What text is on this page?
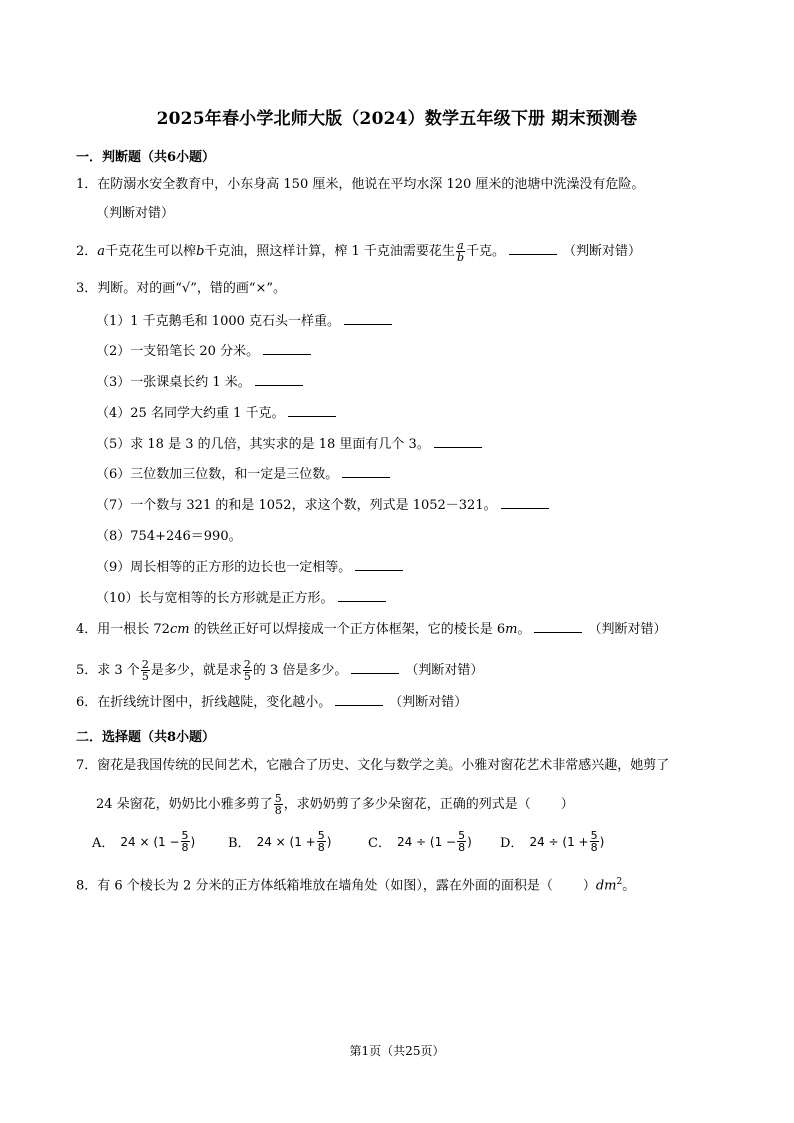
2025年春小学北师大版（2024）数学五年级下册 期末预测卷
一．判断题（共6小题）
1．在防溺水安全教育中，小东身高 150 厘米，他说在平均水深 120 厘米的池塘中洗澡没有危险。
（判断对错）
2．a千克花生可以榨b千克油，照这样计算，榨 1 千克油需要花生 $\frac{a}{b}$ 千克。	（判断对错）
3．判断。对的画“√”，错的画“×”。
（1）1 千克鹅毛和 1000 克石头一样重。
（2）一支铅笔长 20 分米。
（3）一张课桌长约 1 米。
（4）25 名同学大约重 1 千克。
（5）求 18 是 3 的几倍，其实求的是 18 里面有几个 3。
（6）三位数加三位数，和一定是三位数。
（7）一个数与 321 的和是 1052，求这个数，列式是 1052－321。
（8）754+246＝990。
（9）周长相等的正方形的边长也一定相等。
（10）长与宽相等的长方形就是正方形。
4．用一根长 72cm 的铁丝正好可以焊接成一个正方体框架，它的棱长是 6m。	（判断对错）
5．求 3 个 $\frac{2}{5}$ 是多少，就是求 $\frac{2}{5}$ 的 3 倍是多少。	（判断对错）
6．在折线统计图中，折线越陡，变化越小。	（判断对错）
二．选择题（共8小题）
7．窗花是我国传统的民间艺术，它融合了历史、文化与数学之美。小雅对窗花艺术非常感兴趣，她剪了
24 朵窗花，奶奶比小雅多剪了 $\frac{5}{8}$ ，求奶奶剪了多少朵窗花，正确的列式是（ ）
A． $24 \times (1 - \frac{5}{8}$ )	B． $24 \times (1 + \frac{5}{8}$ )	C． $24 \div (1 - \frac{5}{8}$ ) D． $24 \div (1 + \frac{5}{8}$ )
8．有 6 个棱长为 2 分米的正方体纸箱堆放在墙角处（如图），露在外面的面积是（ ）$dm^2$。
第1页（共25页）
